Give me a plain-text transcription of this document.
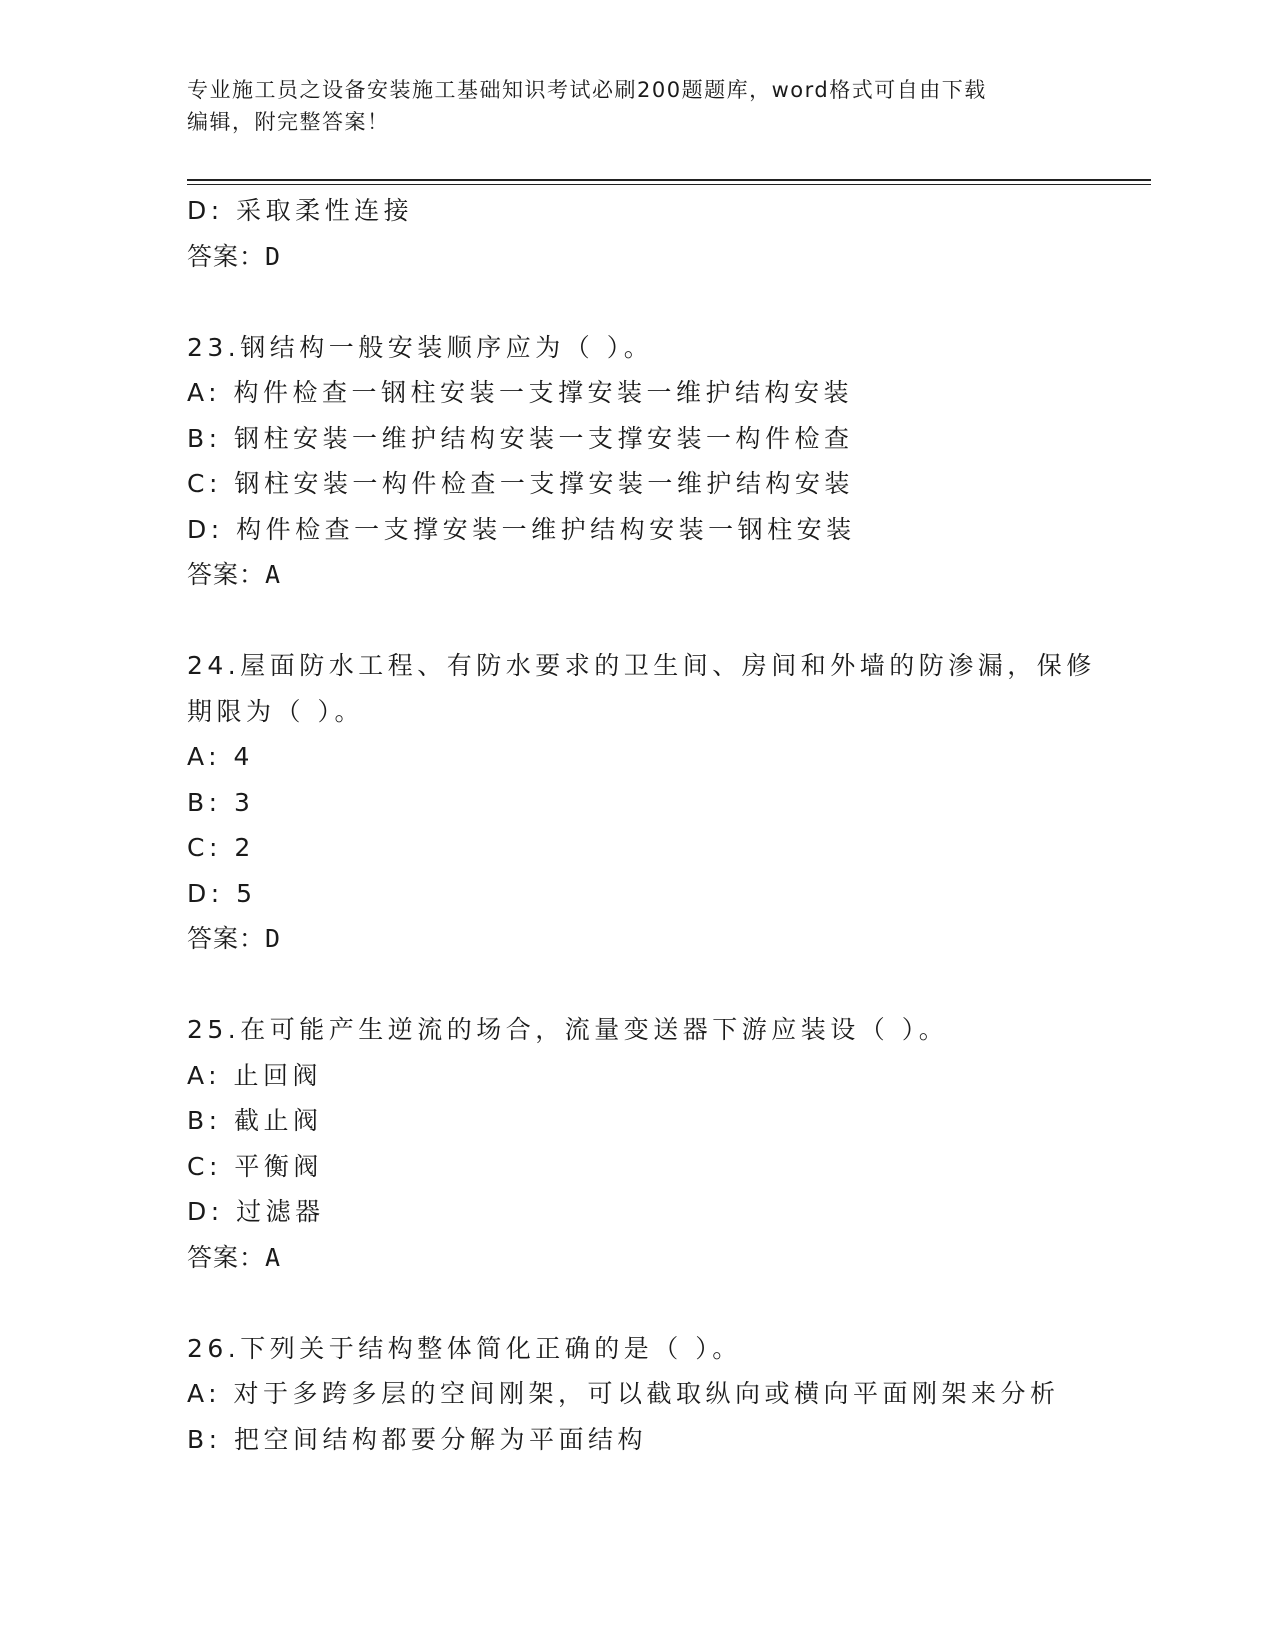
专业施工员之设备安装施工基础知识考试必刷200题题库，word格式可自由下载
编辑，附完整答案！
D: 采取柔性连接
答案：D
23.钢结构一般安装顺序应为（ ）。
A: 构件检查一钢柱安装一支撑安装一维护结构安装
B: 钢柱安装一维护结构安装一支撑安装一构件检查
C: 钢柱安装一构件检查一支撑安装一维护结构安装
D: 构件检查一支撑安装一维护结构安装一钢柱安装
答案：A
24.屋面防水工程、有防水要求的卫生间、房间和外墙的防渗漏，保修
期限为（ ）。
A: 4
B: 3
C: 2
D: 5
答案：D
25.在可能产生逆流的场合，流量变送器下游应装设（ ）。
A: 止回阀
B: 截止阀
C: 平衡阀
D: 过滤器
答案：A
26.下列关于结构整体简化正确的是（ ）。
A: 对于多跨多层的空间刚架，可以截取纵向或横向平面刚架来分析
B: 把空间结构都要分解为平面结构
